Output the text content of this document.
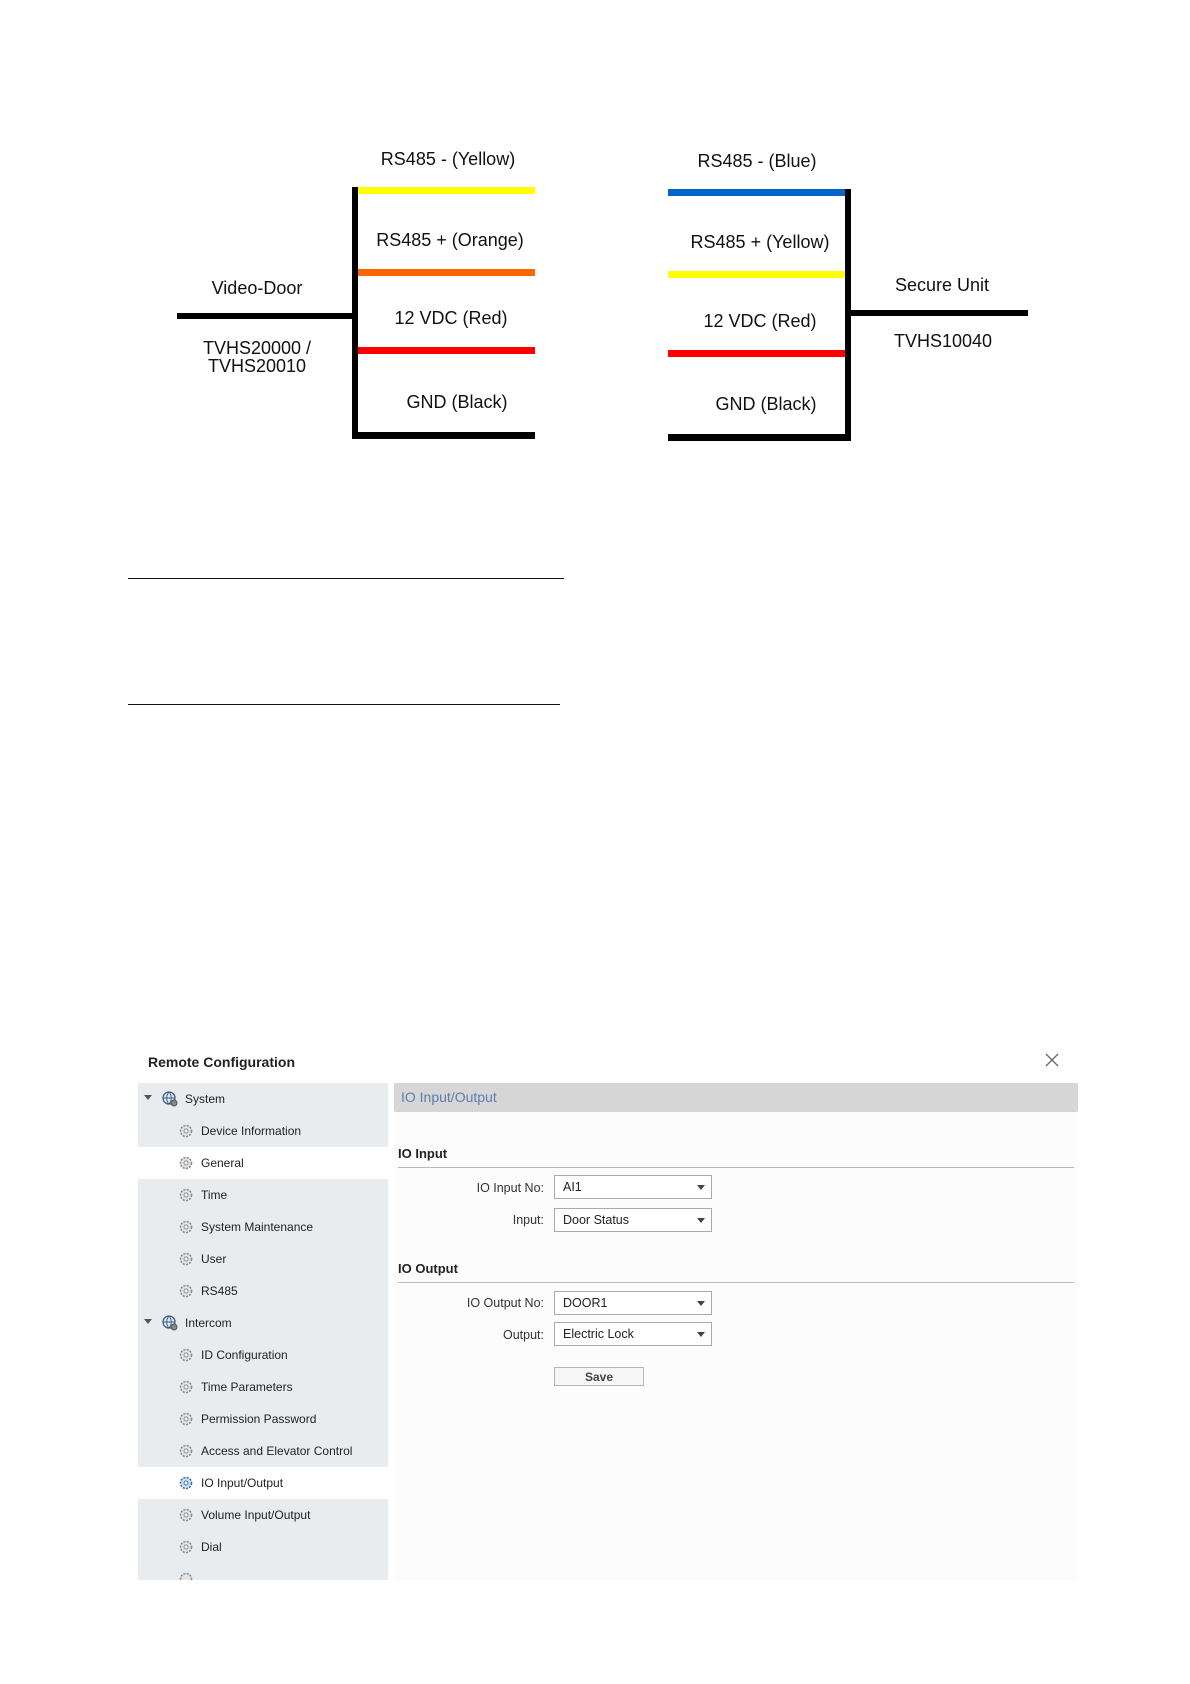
RS485 - (Yellow)
RS485 + (Orange)
12 VDC (Red)
GND (Black)
Video-Door
TVHS20000 /
TVHS20010
RS485 - (Blue)
RS485 + (Yellow)
12 VDC (Red)
GND (Black)
Secure Unit
TVHS10040
Remote Configuration
System
Device Information
General
Time
System Maintenance
User
RS485
Intercom
ID Configuration
Time Parameters
Permission Password
Access and Elevator Control
IO Input/Output
Volume Input/Output
Dial
IO Input/Output
IO Input
IO Input No: AI1
Input: Door Status
IO Output
IO Output No: DOOR1
Output: Electric Lock
Save
